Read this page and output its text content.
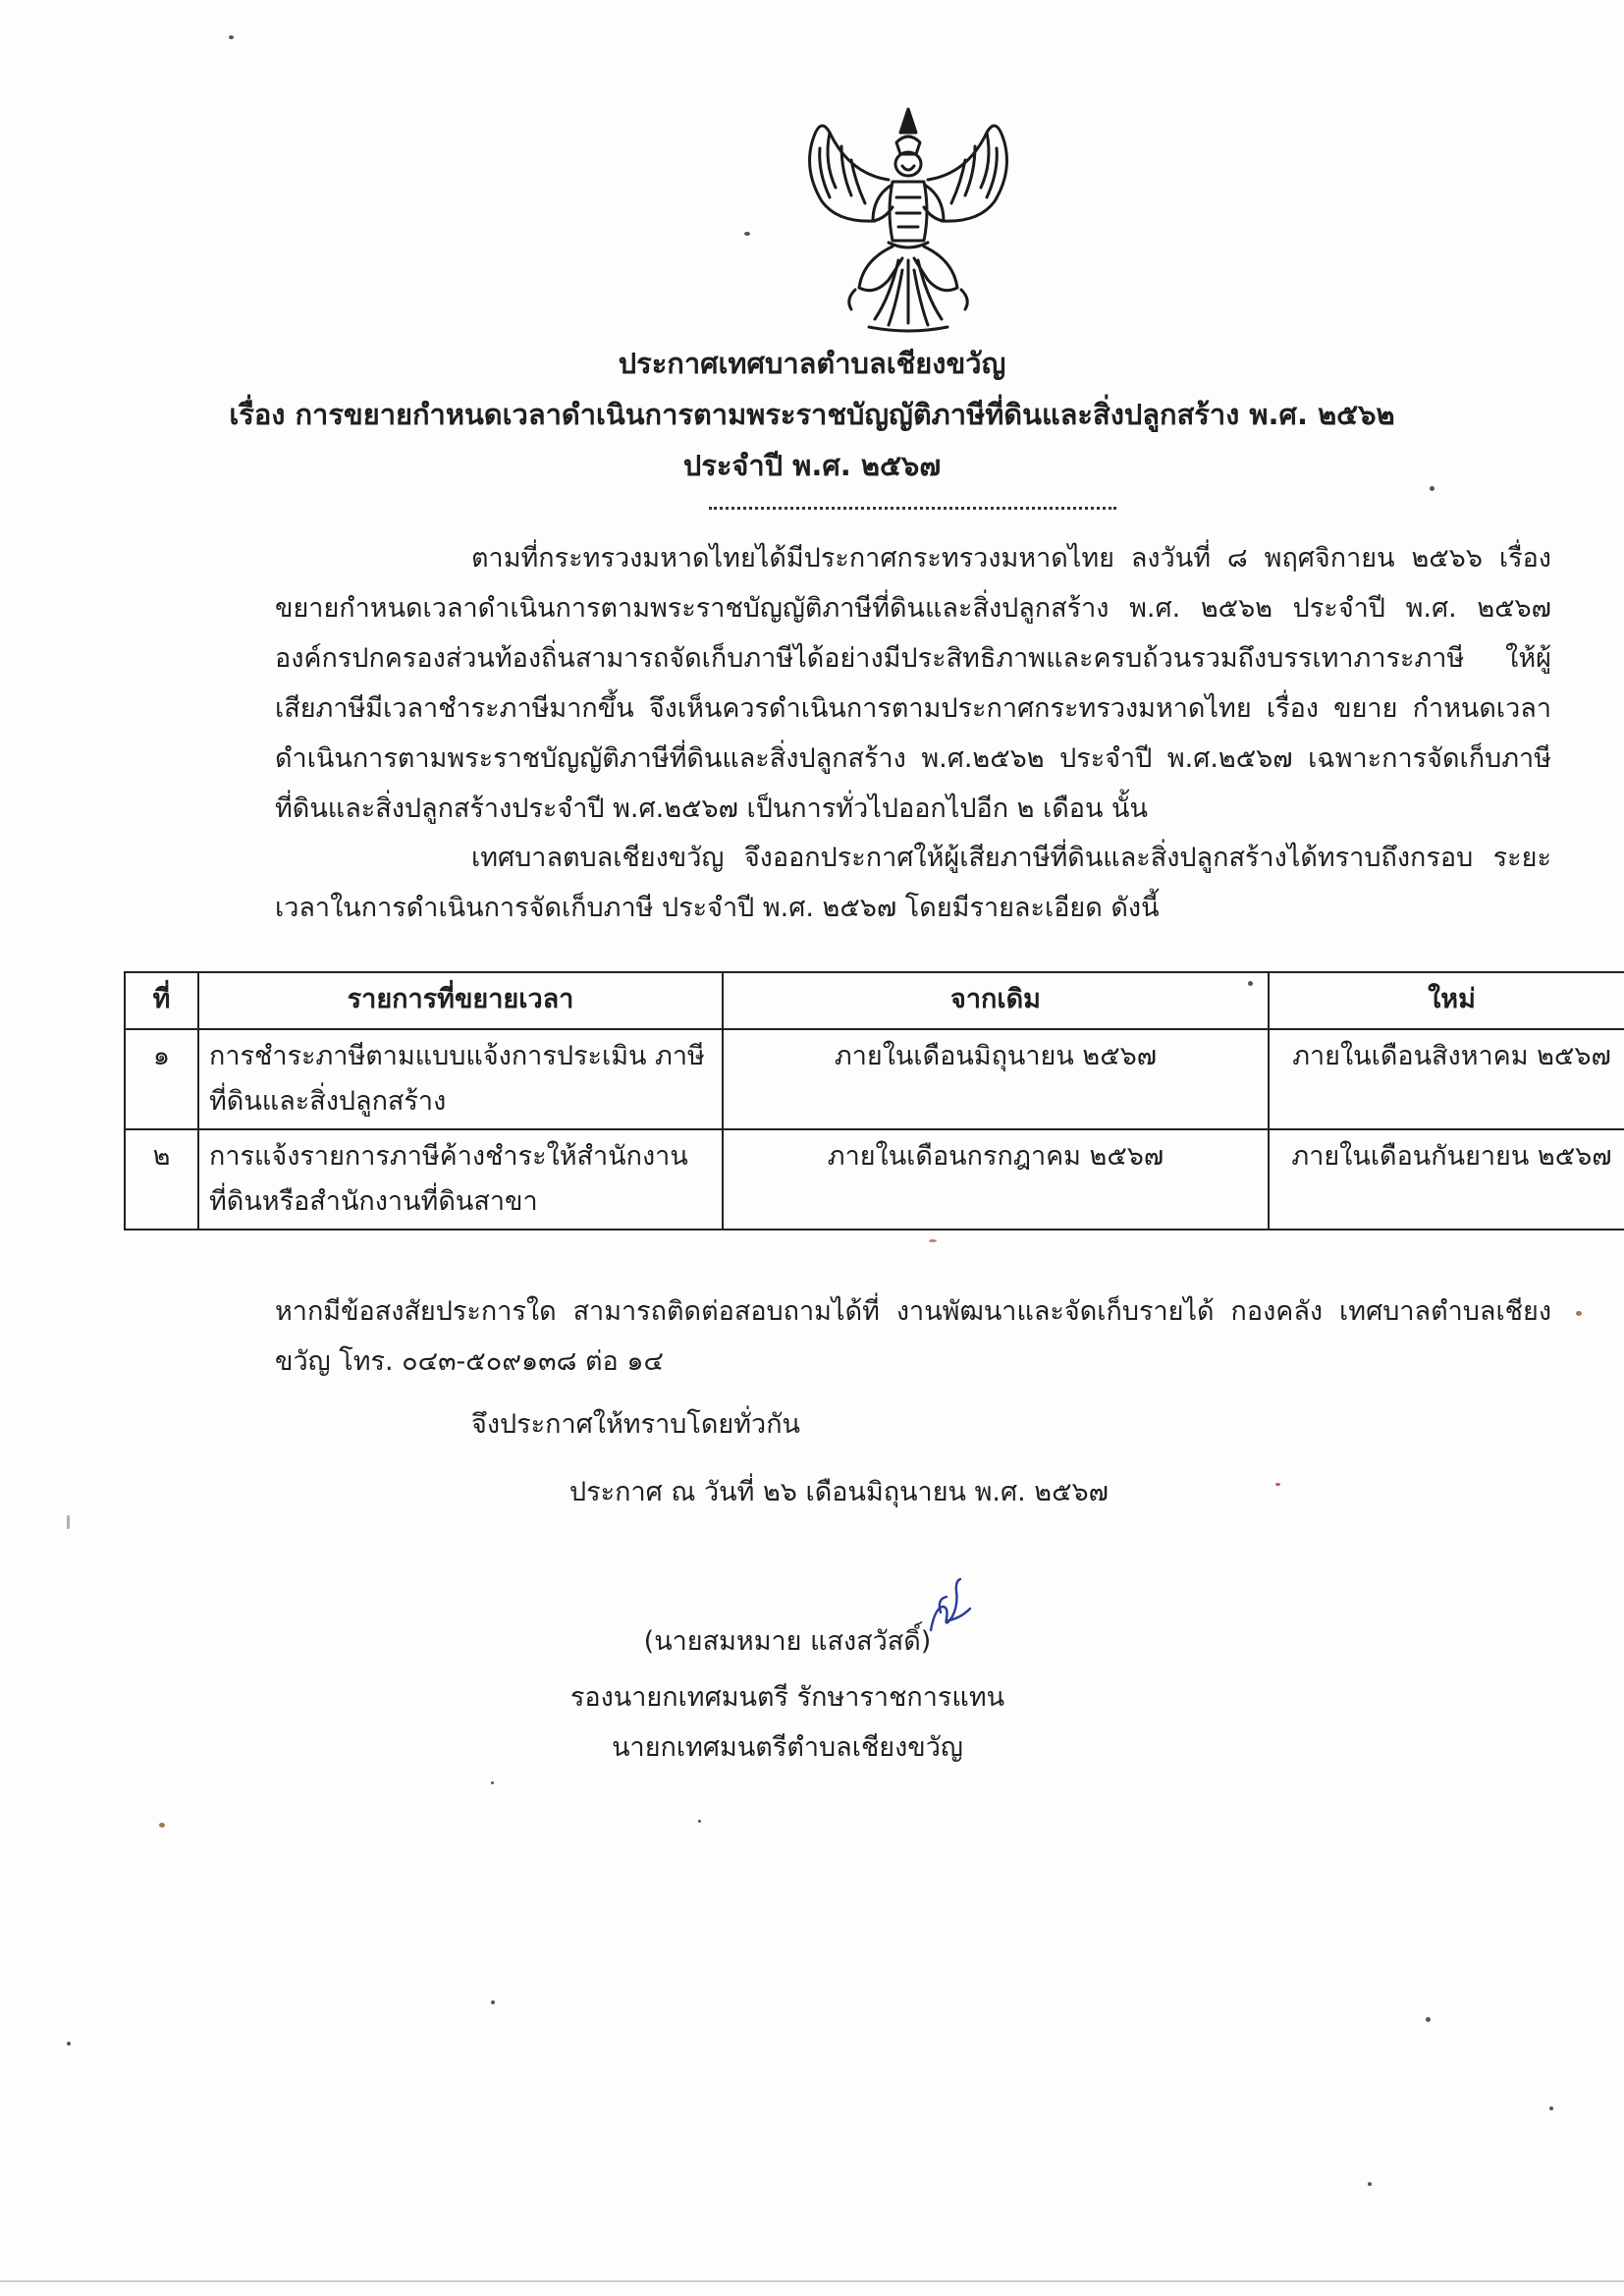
ประกาศเทศบาลตำบลเชียงขวัญ
เรื่อง การขยายกำหนดเวลาดำเนินการตามพระราชบัญญัติภาษีที่ดินและสิ่งปลูกสร้าง พ.ศ. ๒๕๖๒
ประจำปี พ.ศ. ๒๕๖๗

ตามที่กระทรวงมหาดไทยได้มีประกาศกระทรวงมหาดไทย ลงวันที่ ๘ พฤศจิกายน ๒๕๖๖ เรื่อง ขยายกำหนดเวลาดำเนินการตามพระราชบัญญัติภาษีที่ดินและสิ่งปลูกสร้าง พ.ศ. ๒๕๖๒ ประจำปี พ.ศ. ๒๕๖๗ องค์กรปกครองส่วนท้องถิ่นสามารถจัดเก็บภาษีได้อย่างมีประสิทธิภาพและครบถ้วนรวมถึงบรรเทาภาระภาษี ให้ผู้เสียภาษีมีเวลาชำระภาษีมากขึ้น จึงเห็นควรดำเนินการตามประกาศกระทรวงมหาดไทย เรื่อง ขยาย กำหนดเวลาดำเนินการตามพระราชบัญญัติภาษีที่ดินและสิ่งปลูกสร้าง พ.ศ.๒๕๖๒ ประจำปี พ.ศ.๒๕๖๗ เฉพาะการจัดเก็บภาษีที่ดินและสิ่งปลูกสร้างประจำปี พ.ศ.๒๕๖๗ เป็นการทั่วไปออกไปอีก ๒ เดือน นั้น

เทศบาลตบลเชียงขวัญ จึงออกประกาศให้ผู้เสียภาษีที่ดินและสิ่งปลูกสร้างได้ทราบถึงกรอบ ระยะเวลาในการดำเนินการจัดเก็บภาษี ประจำปี พ.ศ. ๒๕๖๗ โดยมีรายละเอียด ดังนี้

ที่	รายการที่ขยายเวลา	จากเดิม	ใหม่
๑	การชำระภาษีตามแบบแจ้งการประเมิน ภาษีที่ดินและสิ่งปลูกสร้าง	ภายในเดือนมิถุนายน ๒๕๖๗	ภายในเดือนสิงหาคม ๒๕๖๗
๒	การแจ้งรายการภาษีค้างชำระให้สำนักงาน ที่ดินหรือสำนักงานที่ดินสาขา	ภายในเดือนกรกฎาคม ๒๕๖๗	ภายในเดือนกันยายน ๒๕๖๗

หากมีข้อสงสัยประการใด สามารถติดต่อสอบถามได้ที่ งานพัฒนาและจัดเก็บรายได้ กองคลัง เทศบาลตำบลเชียง ขวัญ โทร. ๐๔๓-๕๐๙๑๓๘ ต่อ ๑๔

จึงประกาศให้ทราบโดยทั่วกัน
ประกาศ ณ วันที่ ๒๖ เดือนมิถุนายน พ.ศ. ๒๕๖๗
(นายสมหมาย แสงสวัสดิ์)
รองนายกเทศมนตรี รักษาราชการแทน
นายกเทศมนตรีตำบลเชียงขวัญ
